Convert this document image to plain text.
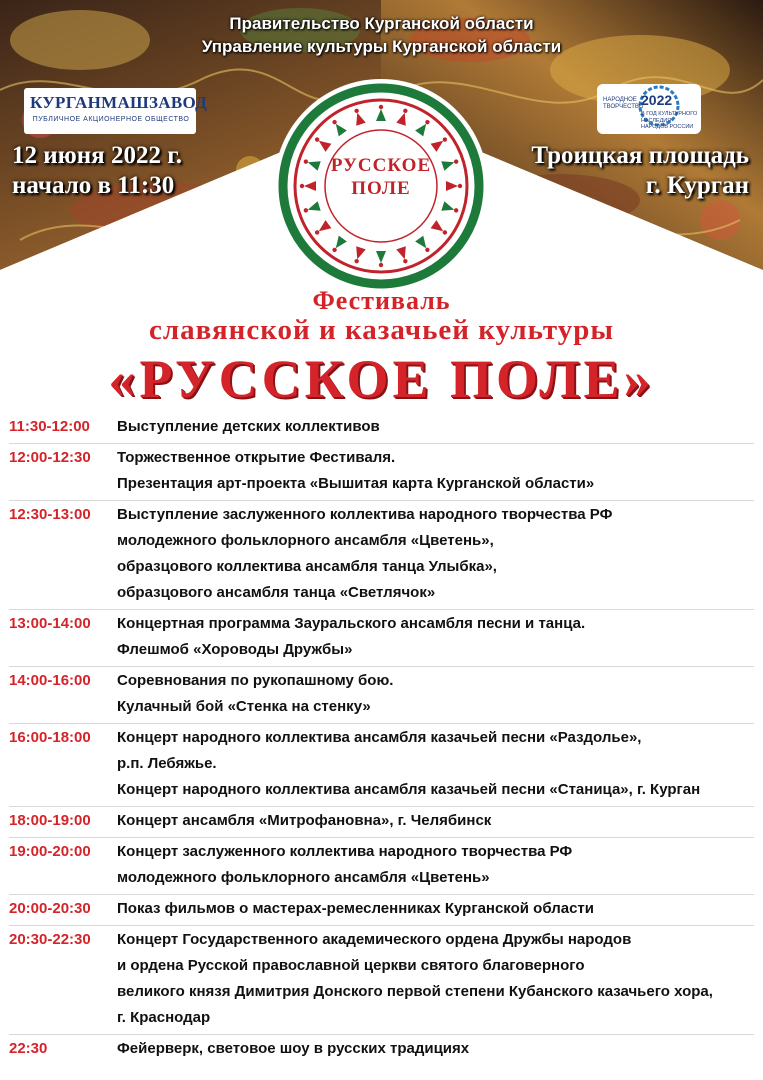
Правительство Курганской области
Управление культуры Курганской области
КУРГАНМАШЗАВОД
ПУБЛИЧНОЕ АКЦИОНЕРНОЕ ОБЩЕСТВО
НАРОДНОЕ ТВОРЧЕСТВО
2022
В ГОД КУЛЬТУРНОГО НАСЛЕДИЯ НАРОДОВ РОССИИ
12 июня 2022 г.
начало в 11:30
Троицкая площадь
г. Курган
РУССКОЕ
ПОЛЕ
Фестиваль
славянской и казачьей культуры
«РУССКОЕ ПОЛЕ»
11:30-12:00 Выступление детских коллективов
12:00-12:30 Торжественное открытие Фестиваля.
Презентация арт-проекта «Вышитая карта Курганской области»
12:30-13:00 Выступление заслуженного коллектива народного творчества РФ
молодежного фольклорного ансамбля «Цветень»,
образцового коллектива ансамбля танца Улыбка»,
образцового ансамбля танца «Светлячок»
13:00-14:00 Концертная программа Зауральского ансамбля песни и танца.
Флешмоб «Хороводы Дружбы»
14:00-16:00 Соревнования по рукопашному бою.
Кулачный бой «Стенка на стенку»
16:00-18:00 Концерт народного коллектива ансамбля казачьей песни «Раздолье»,
р.п. Лебяжье.
Концерт народного коллектива ансамбля казачьей песни «Станица», г. Курган
18:00-19:00 Концерт ансамбля «Митрофановна», г. Челябинск
19:00-20:00 Концерт заслуженного коллектива народного творчества РФ
молодежного фольклорного ансамбля «Цветень»
20:00-20:30 Показ фильмов о мастерах-ремесленниках Курганской области
20:30-22:30 Концерт Государственного академического ордена Дружбы народов
и ордена Русской православной церкви святого благоверного
великого князя Димитрия Донского первой степени Кубанского казачьего хора,
г. Краснодар
22:30	Фейерверк, световое шоу в русских традициях
